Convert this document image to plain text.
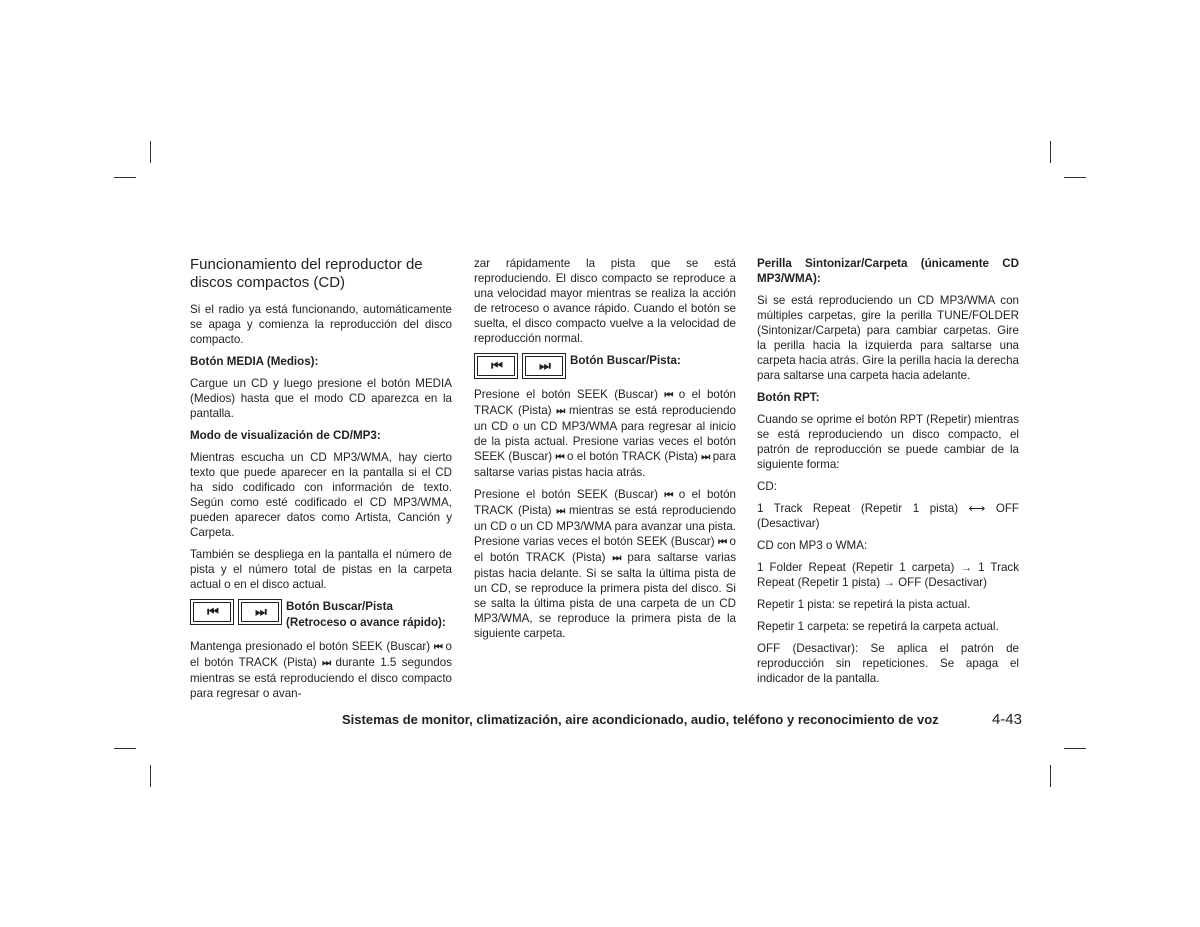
Funcionamiento del reproductor de discos compactos (CD)

Si el radio ya está funcionando, automáticamente se apaga y comienza la reproducción del disco compacto.

Botón MEDIA (Medios):

Cargue un CD y luego presione el botón MEDIA (Medios) hasta que el modo CD aparezca en la pantalla.

Modo de visualización de CD/MP3:

Mientras escucha un CD MP3/WMA, hay cierto texto que puede aparecer en la pantalla si el CD ha sido codificado con información de texto. Según como esté codificado el CD MP3/WMA, pueden aparecer datos como Artista, Canción y Carpeta.

También se despliega en la pantalla el número de pista y el número total de pistas en la carpeta actual o en el disco actual.

⏮	⏭ Botón Buscar/Pista (Retroceso o avance rápido):

Mantenga presionado el botón SEEK (Buscar) ⏮ o el botón TRACK (Pista) ⏭ durante 1.5 segundos mientras se está reproduciendo el disco compacto para regresar o avan-

zar rápidamente la pista que se está reproduciendo. El disco compacto se reproduce a una velocidad mayor mientras se realiza la acción de retroceso o avance rápido. Cuando el botón se suelta, el disco compacto vuelve a la velocidad de reproducción normal.

⏮	⏭ Botón Buscar/Pista:

Presione el botón SEEK (Buscar) ⏮ o el botón TRACK (Pista) ⏭ mientras se está reproduciendo un CD o un CD MP3/WMA para regresar al inicio de la pista actual. Presione varias veces el botón SEEK (Buscar) ⏮ o el botón TRACK (Pista) ⏭ para saltarse varias pistas hacia atrás.

Presione el botón SEEK (Buscar) ⏮ o el botón TRACK (Pista) ⏭ mientras se está reproduciendo un CD o un CD MP3/WMA para avanzar una pista. Presione varias veces el botón SEEK (Buscar) ⏮ o el botón TRACK (Pista) ⏭ para saltarse varias pistas hacia delante. Si se salta la última pista de un CD, se reproduce la primera pista del disco. Si se salta la última pista de una carpeta de un CD MP3/WMA, se reproduce la primera pista de la siguiente carpeta.

Perilla Sintonizar/Carpeta (únicamente CD MP3/WMA):

Si se está reproduciendo un CD MP3/WMA con múltiples carpetas, gire la perilla TUNE/FOLDER (Sintonizar/Carpeta) para cambiar carpetas. Gire la perilla hacia la izquierda para saltarse una carpeta hacia atrás. Gire la perilla hacia la derecha para saltarse una carpeta hacia adelante.

Botón RPT:

Cuando se oprime el botón RPT (Repetir) mientras se está reproduciendo un disco compacto, el patrón de reproducción se puede cambiar de la siguiente forma:

CD:

1 Track Repeat (Repetir 1 pista) ⟷ OFF (Desactivar)

CD con MP3 o WMA:

1 Folder Repeat (Repetir 1 carpeta) → 1 Track Repeat (Repetir 1 pista) → OFF (Desactivar)

Repetir 1 pista: se repetirá la pista actual.

Repetir 1 carpeta: se repetirá la carpeta actual.

OFF (Desactivar): Se aplica el patrón de reproducción sin repeticiones. Se apaga el indicador de la pantalla.

Sistemas de monitor, climatización, aire acondicionado, audio, teléfono y reconocimiento de voz	4-43
